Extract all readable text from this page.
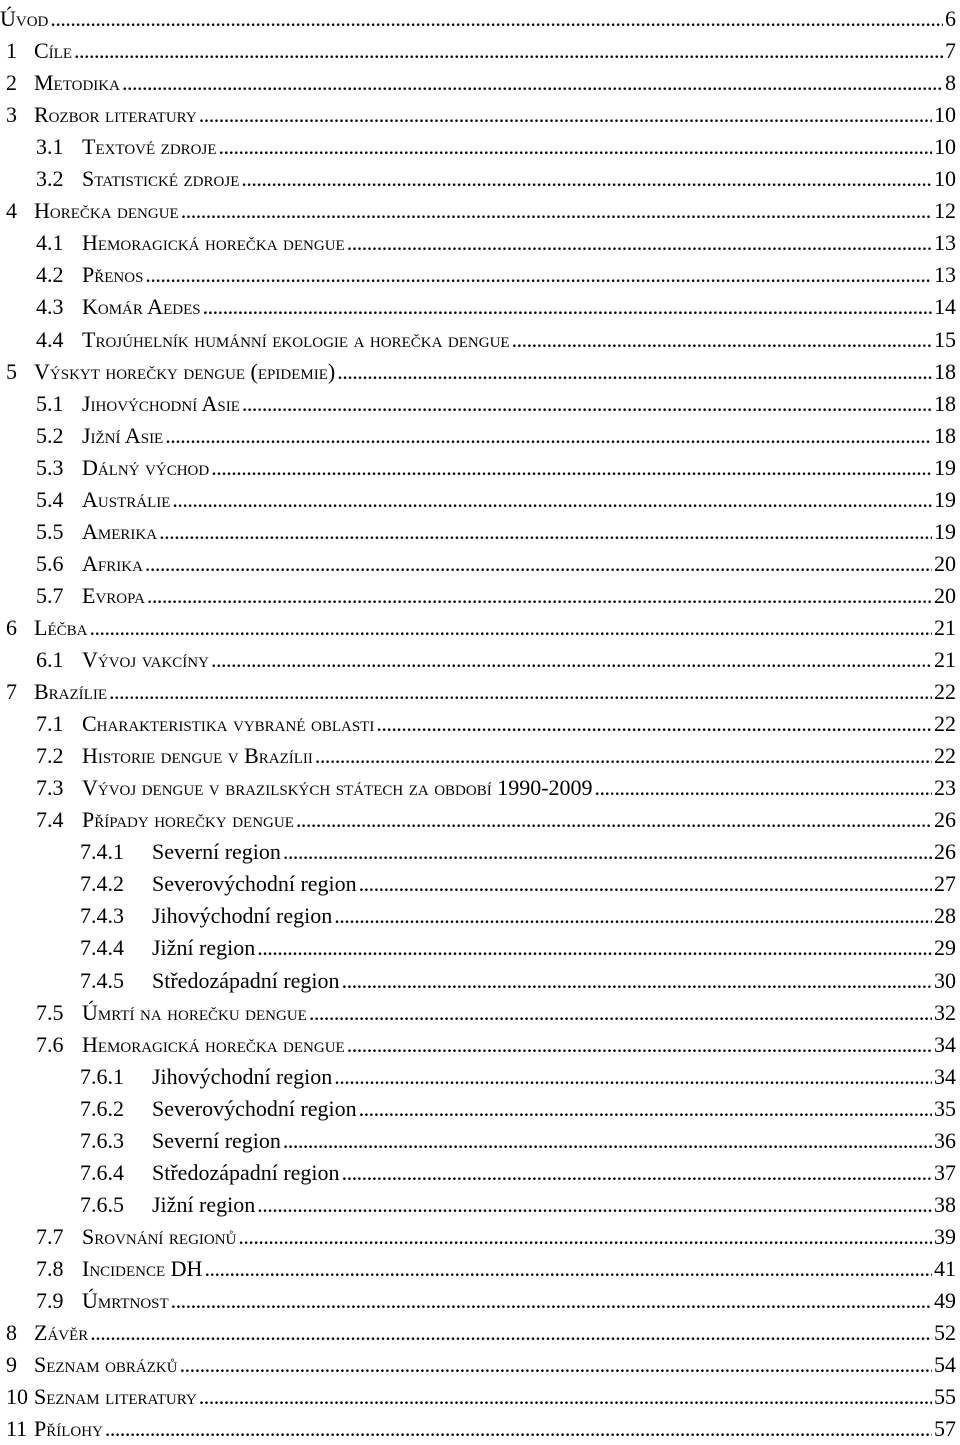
Úvod . . .	6
1 Cíle . . .	7
2 Metodika . . .	8
3 Rozbor literatury . . .	10
3.1 Textové zdroje . . .	10
3.2 Statistické zdroje . . .	10
4 Horečka dengue . . .	12
4.1 Hemoragická horečka dengue . . .	13
4.2 Přenos . . .	13
4.3 Komár Aedes . . .	14
4.4 Trojúhelník humánní ekologie a horečka dengue . . .	15
5 Výskyt horečky dengue (epidemie) . . .	18
5.1 Jihovýchodní Asie . . .	18
5.2 Jižní Asie . . .	18
5.3 Dálný východ . . .	19
5.4 Austrálie . . .	19
5.5 Amerika . . .	19
5.6 Afrika . . .	20
5.7 Evropa . . .	20
6 Léčba . . .	21
6.1 Vývoj vakcíny . . .	21
7 Brazílie . . .	22
7.1 Charakteristika vybrané oblasti . . .	22
7.2 Historie dengue v Brazílii . . .	22
7.3 Vývoj dengue v brazilských státech za období 1990-2009 . . .	23
7.4 Případy horečky dengue . . .	26
7.4.1	Severní region . . .	26
7.4.2	Severovýchodní region . . .	27
7.4.3	Jihovýchodní region . . .	28
7.4.4	Jižní region . . .	29
7.4.5	Středozápadní region . . .	30
7.5 Úmrtí na horečku dengue . . .	32
7.6 Hemoragická horečka dengue . . .	34
7.6.1	Jihovýchodní region . . .	34
7.6.2	Severovýchodní region . . .	35
7.6.3	Severní region . . .	36
7.6.4	Středozápadní region . . .	37
7.6.5	Jižní region . . .	38
7.7 Srovnání regionů . . .	39
7.8 Incidence DH . . .	41
7.9 Úmrtnost . . .	49
8 Závěr . . .	52
9 Seznam obrázků . . .	54
10 Seznam literatury . . .	55
11 Přílohy . . .	57
